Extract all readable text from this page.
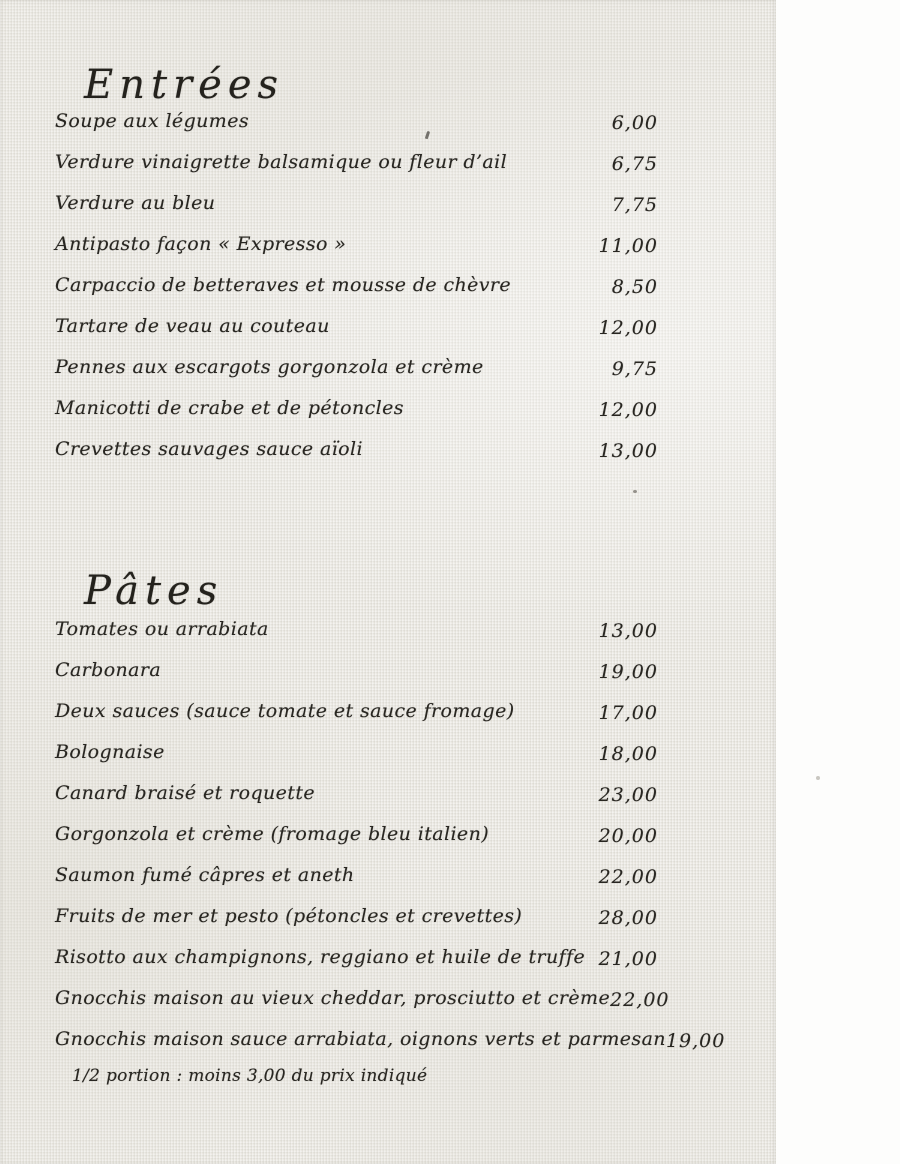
Entrées
Soupe aux légumes	6,00
Verdure vinaigrette balsamique ou fleur d’ail	6,75
Verdure au bleu	7,75
Antipasto façon « Expresso »	11,00
Carpaccio de betteraves et mousse de chèvre	8,50
Tartare de veau au couteau	12,00
Pennes aux escargots gorgonzola et crème	9,75
Manicotti de crabe et de pétoncles	12,00
Crevettes sauvages sauce aïoli	13,00
Pâtes
Tomates ou arrabiata	13,00
Carbonara	19,00
Deux sauces (sauce tomate et sauce fromage)	17,00
Bolognaise	18,00
Canard braisé et roquette	23,00
Gorgonzola et crème (fromage bleu italien)	20,00
Saumon fumé câpres et aneth	22,00
Fruits de mer et pesto (pétoncles et crevettes)	28,00
Risotto aux champignons, reggiano et huile de truffe 21,00
Gnocchis maison au vieux cheddar, prosciutto et crème 22,00
Gnocchis maison sauce arrabiata, oignons verts et parmesan 19,00
1/2 portion : moins 3,00 du prix indiqué
